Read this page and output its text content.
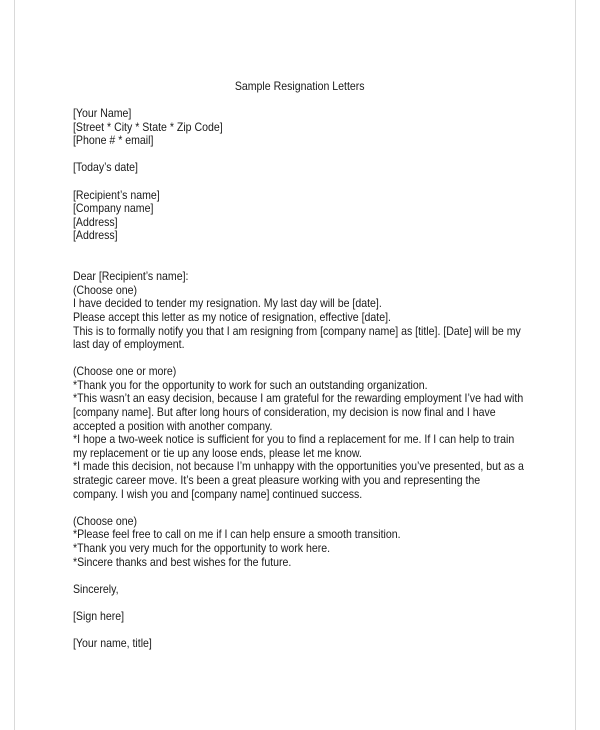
Sample Resignation Letters
[Your Name]
[Street * City * State * Zip Code]
[Phone # * email]
[Today’s date]
[Recipient’s name]
[Company name]
[Address]
[Address]
Dear [Recipient’s name]:
(Choose one)
I have decided to tender my resignation. My last day will be [date].
Please accept this letter as my notice of resignation, effective [date].
This is to formally notify you that I am resigning from [company name] as [title]. [Date] will be my
last day of employment.
(Choose one or more)
*Thank you for the opportunity to work for such an outstanding organization.
*This wasn’t an easy decision, because I am grateful for the rewarding employment I’ve had with
[company name]. But after long hours of consideration, my decision is now final and I have
accepted a position with another company.
*I hope a two-week notice is sufficient for you to find a replacement for me. If I can help to train
my replacement or tie up any loose ends, please let me know.
*I made this decision, not because I’m unhappy with the opportunities you’ve presented, but as a
strategic career move. It’s been a great pleasure working with you and representing the
company. I wish you and [company name] continued success.
(Choose one)
*Please feel free to call on me if I can help ensure a smooth transition.
*Thank you very much for the opportunity to work here.
*Sincere thanks and best wishes for the future.
Sincerely,
[Sign here]
[Your name, title]
